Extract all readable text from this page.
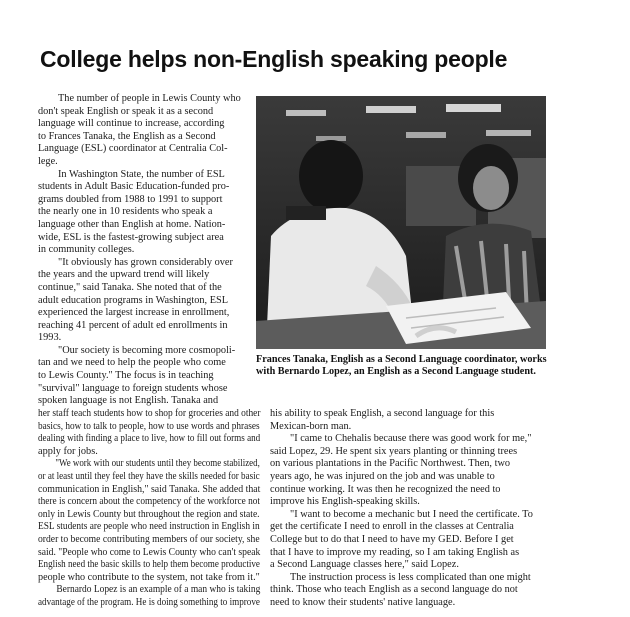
College helps non-English speaking people
Frances Tanaka, English as a Second Language coordinator, works
with Bernardo Lopez, an English as a Second Language student.
The number of people in Lewis County who
don't speak English or speak it as a second
language will continue to increase, according
to Frances Tanaka, the English as a Second
Language (ESL) coordinator at Centralia Col-
lege.
In Washington State, the number of ESL
students in Adult Basic Education-funded pro-
grams doubled from 1988 to 1991 to support
the nearly one in 10 residents who speak a
language other than English at home. Nation-
wide, ESL is the fastest-growing subject area
in community colleges.
"It obviously has grown considerably over
the years and the upward trend will likely
continue," said Tanaka. She noted that of the
adult education programs in Washington, ESL
experienced the largest increase in enrollment,
reaching 41 percent of adult ed enrollments in
1993.
"Our society is becoming more cosmopoli-
tan and we need to help the people who come
to Lewis County." The focus is in teaching
"survival" language to foreign students whose
spoken language is not English. Tanaka and
her staff teach students how to shop for groceries and other
basics, how to talk to people, how to use words and phrases
dealing with finding a place to live, how to fill out forms and
apply for jobs.
"We work with our students until they become stabilized,
or at least until they feel they have the skills needed for basic
communication in English," said Tanaka. She added that
there is concern about the competency of the workforce not
only in Lewis County but throughout the region and state.
ESL students are people who need instruction in English in
order to become contributing members of our society, she
said. "People who come to Lewis County who can't speak
English need the basic skills to help them become productive
people who contribute to the system, not take from it."
Bernardo Lopez is an example of a man who is taking
advantage of the program. He is doing something to improve
his ability to speak English, a second language for this
Mexican-born man.
"I came to Chehalis because there was good work for me,"
said Lopez, 29. He spent six years planting or thinning trees
on various plantations in the Pacific Northwest. Then, two
years ago, he was injured on the job and was unable to
continue working. It was then he recognized the need to
improve his English-speaking skills.
"I want to become a mechanic but I need the certificate. To
get the certificate I need to enroll in the classes at Centralia
College but to do that I need to have my GED. Before I get
that I have to improve my reading, so I am taking English as
a Second Language classes here," said Lopez.
The instruction process is less complicated than one might
think. Those who teach English as a second language do not
need to know their students' native language.
